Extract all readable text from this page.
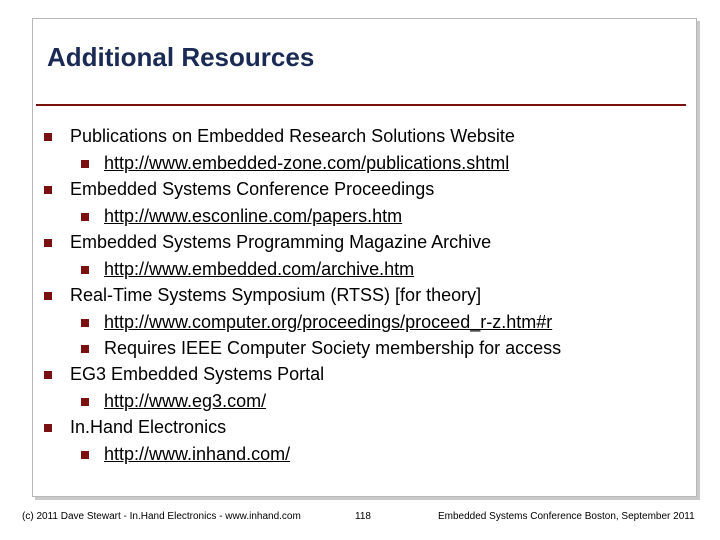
Additional Resources
Publications on Embedded Research Solutions Website
http://www.embedded-zone.com/publications.shtml
Embedded Systems Conference Proceedings
http://www.esconline.com/papers.htm
Embedded Systems Programming Magazine Archive
http://www.embedded.com/archive.htm
Real-Time Systems Symposium (RTSS) [for theory]
http://www.computer.org/proceedings/proceed_r-z.htm#r
Requires IEEE Computer Society membership for access
EG3 Embedded Systems Portal
http://www.eg3.com/
In.Hand Electronics
http://www.inhand.com/
(c) 2011 Dave Stewart - In.Hand Electronics - www.inhand.com	118	Embedded Systems Conference Boston, September 2011
